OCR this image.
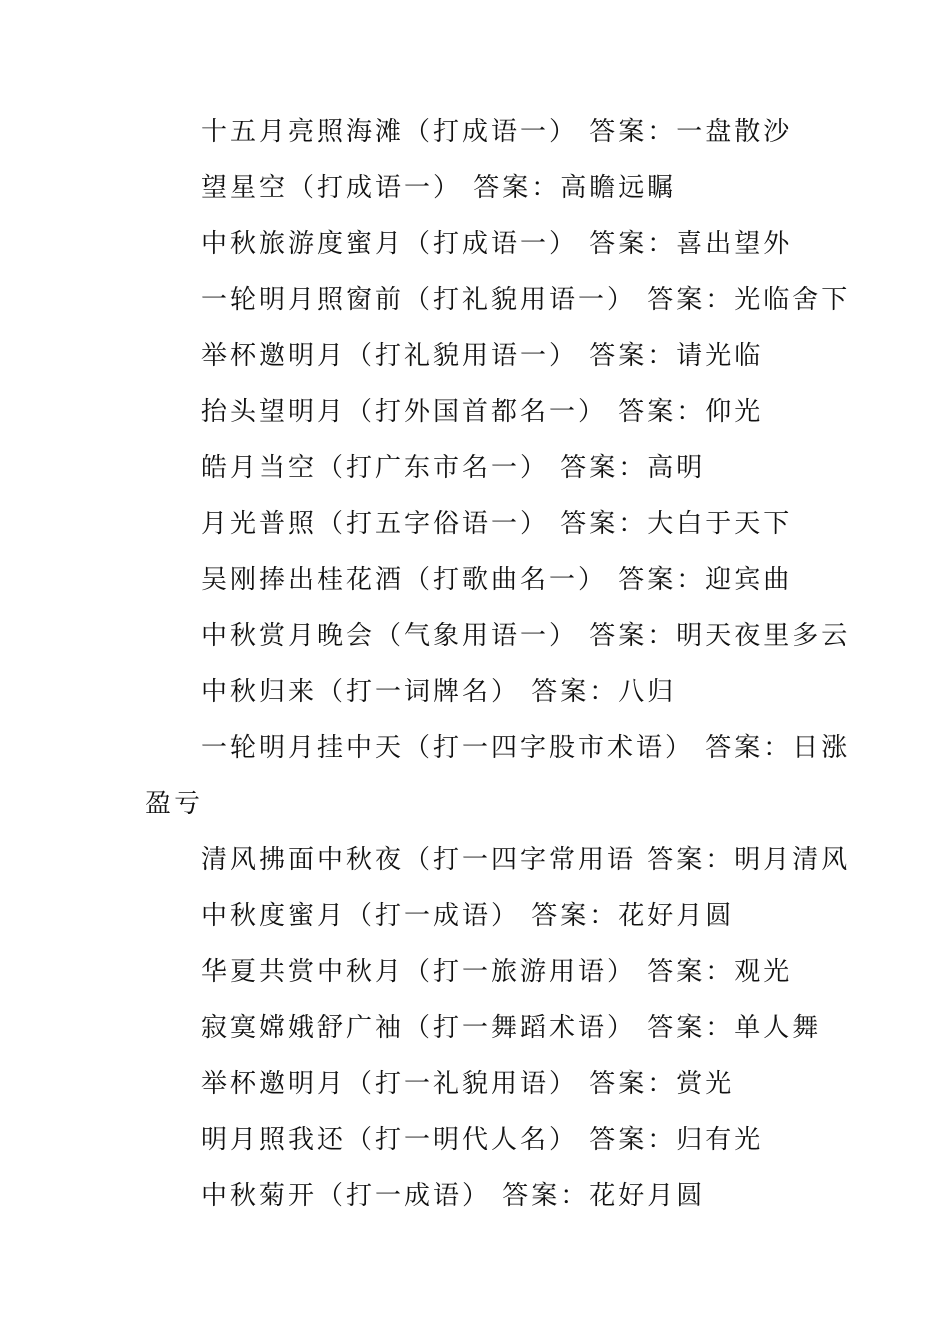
十五月亮照海滩（打成语一） 答案：一盘散沙
望星空（打成语一） 答案：高瞻远瞩
中秋旅游度蜜月（打成语一） 答案：喜出望外
一轮明月照窗前（打礼貌用语一） 答案：光临舍下
举杯邀明月（打礼貌用语一） 答案：请光临
抬头望明月（打外国首都名一） 答案：仰光
皓月当空（打广东市名一） 答案：高明
月光普照（打五字俗语一） 答案：大白于天下
吴刚捧出桂花酒（打歌曲名一） 答案：迎宾曲
中秋赏月晚会（气象用语一） 答案：明天夜里多云
中秋归来（打一词牌名） 答案：八归
一轮明月挂中天（打一四字股市术语） 答案：日涨
盈亏
清风拂面中秋夜（打一四字常用语 答案：明月清风
中秋度蜜月（打一成语） 答案：花好月圆
华夏共赏中秋月（打一旅游用语） 答案：观光
寂寞嫦娥舒广袖（打一舞蹈术语） 答案：单人舞
举杯邀明月（打一礼貌用语） 答案：赏光
明月照我还（打一明代人名） 答案：归有光
中秋菊开（打一成语） 答案：花好月圆
